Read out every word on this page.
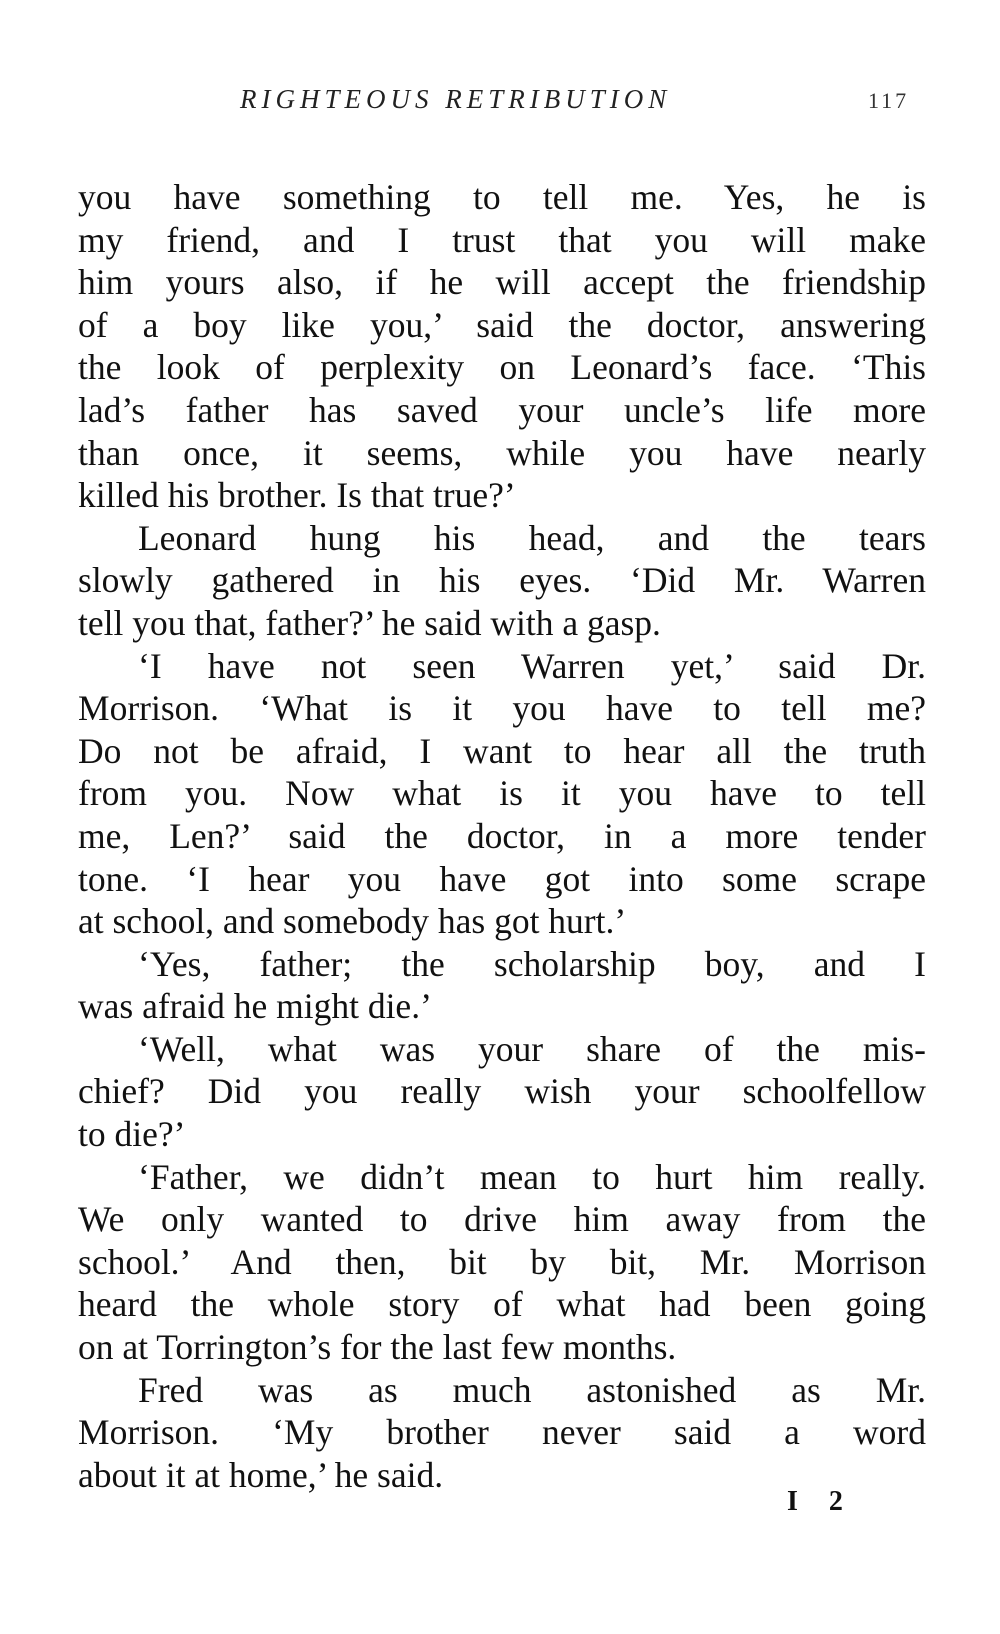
RIGHTEOUS RETRIBUTION	117
you have something to tell me. Yes, he is
my friend, and I trust that you will make
him yours also, if he will accept the friendship
of a boy like you,’ said the doctor, answering
the look of perplexity on Leonard’s face. ‘This
lad’s father has saved your uncle’s life more
than once, it seems, while you have nearly
killed his brother. Is that true?’
Leonard hung his head, and the tears
slowly gathered in his eyes. ‘Did Mr. Warren
tell you that, father?’ he said with a gasp.
‘I have not seen Warren yet,’ said Dr.
Morrison. ‘What is it you have to tell me?
Do not be afraid, I want to hear all the truth
from you. Now what is it you have to tell
me, Len?’ said the doctor, in a more tender
tone. ‘I hear you have got into some scrape
at school, and somebody has got hurt.’
‘Yes, father; the scholarship boy, and I
was afraid he might die.’
‘Well, what was your share of the mis-
chief? Did you really wish your schoolfellow
to die?’
‘Father, we didn’t mean to hurt him really.
We only wanted to drive him away from the
school.’ And then, bit by bit, Mr. Morrison
heard the whole story of what had been going
on at Torrington’s for the last few months.
Fred was as much astonished as Mr.
Morrison. ‘My brother never said a word
about it at home,’ he said.
I 2
